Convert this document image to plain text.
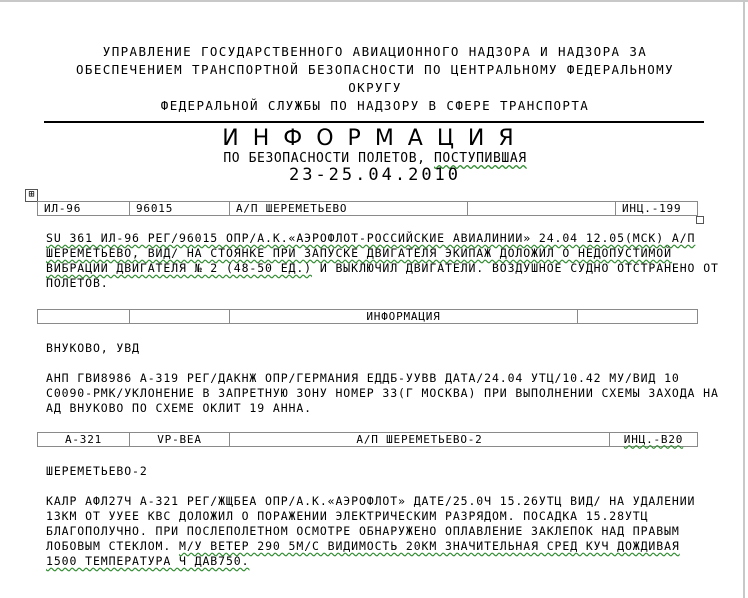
УПРАВЛЕНИЕ ГОСУДАРСТВЕННОГО АВИАЦИОННОГО НАДЗОРА И НАДЗОРА ЗА
ОБЕСПЕЧЕНИЕМ ТРАНСПОРТНОЙ БЕЗОПАСНОСТИ ПО ЦЕНТРАЛЬНОМУ ФЕДЕРАЛЬНОМУ
ОКРУГУ
ФЕДЕРАЛЬНОЙ СЛУЖБЫ ПО НАДЗОРУ В СФЕРЕ ТРАНСПОРТА
ИНФОРМАЦИЯ
ПО БЕЗОПАСНОСТИ ПОЛЕТОВ, ПОСТУПИВШАЯ
23-25.04.2010
⊞
ИЛ-96	96015	А/П ШЕРЕМЕТЬЕВО		ИНЦ.-199
SU 361 ИЛ-96 РЕГ/96015 ОПР/А.К.«АЭРОФЛОТ-РОССИЙСКИЕ АВИАЛИНИИ» 24.04 12.05(МСК) А/П
ШЕРЕМЕТЬЕВО, ВИД/ НА СТОЯНКЕ ПРИ ЗАПУСКЕ ДВИГАТЕЛЯ ЭКИПАЖ ДОЛОЖИЛ О НЕДОПУСТИМОЙ
ВИБРАЦИИ ДВИГАТЕЛЯ № 2 (48-50 ЕД.) И ВЫКЛЮЧИЛ ДВИГАТЕЛИ. ВОЗДУШНОЕ СУДНО ОТСТРАНЕНО ОТ
ПОЛЕТОВ.
		ИНФОРМАЦИЯ	
ВНУКОВО, УВД
АНП ГВИ8986 А-319 РЕГ/ДАКНЖ ОПР/ГЕРМАНИЯ ЕДДБ-УУВВ ДАТА/24.04 УТЦ/10.42 МУ/ВИД 10
С0090-РМК/УКЛОНЕНИЕ В ЗАПРЕТНУЮ ЗОНУ НОМЕР 33(Г МОСКВА) ПРИ ВЫПОЛНЕНИИ СХЕМЫ ЗАХОДА НА
АД ВНУКОВО ПО СХЕМЕ ОКЛИТ 19 АННА.
А-321	VP-BEA	А/П ШЕРЕМЕТЬЕВО-2	ИНЦ.-В20
ШЕРЕМЕТЬЕВО-2
КАЛР АФЛ27Ч А-321 РЕГ/ЖЩБЕА ОПР/А.К.«АЭРОФЛОТ» ДАТЕ/25.0Ч 15.26УТЦ ВИД/ НА УДАЛЕНИИ
13КМ ОТ УУЕЕ КВС ДОЛОЖИЛ О ПОРАЖЕНИИ ЭЛЕКТРИЧЕСКИМ РАЗРЯДОМ. ПОСАДКА 15.28УТЦ
БЛАГОПОЛУЧНО. ПРИ ПОСЛЕПОЛЕТНОМ ОСМОТРЕ ОБНАРУЖЕНО ОПЛАВЛЕНИЕ ЗАКЛЕПОК НАД ПРАВЫМ
ЛОБОВЫМ СТЕКЛОМ. М/У ВЕТЕР 290 5М/С ВИДИМОСТЬ 20КМ ЗНАЧИТЕЛЬНАЯ СРЕД КУЧ ДОЖДИВАЯ
1500 ТЕМПЕРАТУРА Ч ДАВ750.
